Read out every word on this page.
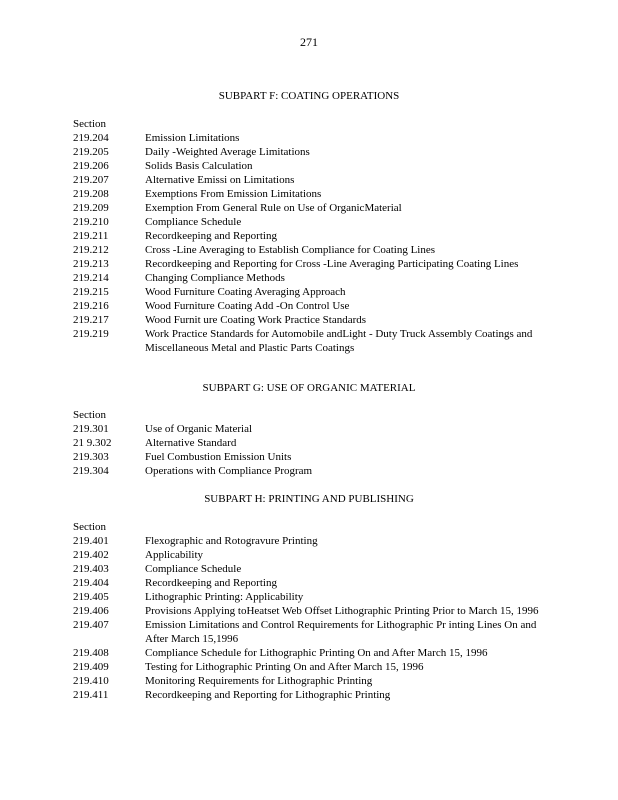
271
SUBPART F: COATING OPERATIONS
Section
219.204	Emission Limitations
219.205	Daily -Weighted Average Limitations
219.206	Solids Basis Calculation
219.207	Alternative Emissi on Limitations
219.208	Exemptions From Emission Limitations
219.209	Exemption From General Rule on Use of OrganicMaterial
219.210	Compliance Schedule
219.211	Recordkeeping and Reporting
219.212	Cross -Line Averaging to Establish Compliance for Coating Lines
219.213	Recordkeeping and Reporting for Cross -Line Averaging Participating Coating Lines
219.214	Changing Compliance Methods
219.215	Wood Furniture Coating Averaging Approach
219.216	Wood Furniture Coating Add -On Control Use
219.217	Wood Furnit ure Coating Work Practice Standards
219.219	Work Practice Standards for Automobile andLight - Duty Truck Assembly Coatings and Miscellaneous Metal and Plastic Parts Coatings
SUBPART G: USE OF ORGANIC MATERIAL
Section
219.301	Use of Organic Material
21 9.302	Alternative Standard
219.303	Fuel Combustion Emission Units
219.304	Operations with Compliance Program
SUBPART H: PRINTING AND PUBLISHING
Section
219.401	Flexographic and Rotogravure Printing
219.402	Applicability
219.403	Compliance Schedule
219.404	Recordkeeping and Reporting
219.405	Lithographic Printing: Applicability
219.406	Provisions Applying toHeatset Web Offset Lithographic Printing Prior to March 15, 1996
219.407	Emission Limitations and Control Requirements for Lithographic Pr inting Lines On and After March 15,1996
219.408	Compliance Schedule for Lithographic Printing On and After March 15, 1996
219.409	Testing for Lithographic Printing On and After March 15, 1996
219.410	Monitoring Requirements for Lithographic Printing
219.411	Recordkeeping and Reporting for Lithographic Printing
